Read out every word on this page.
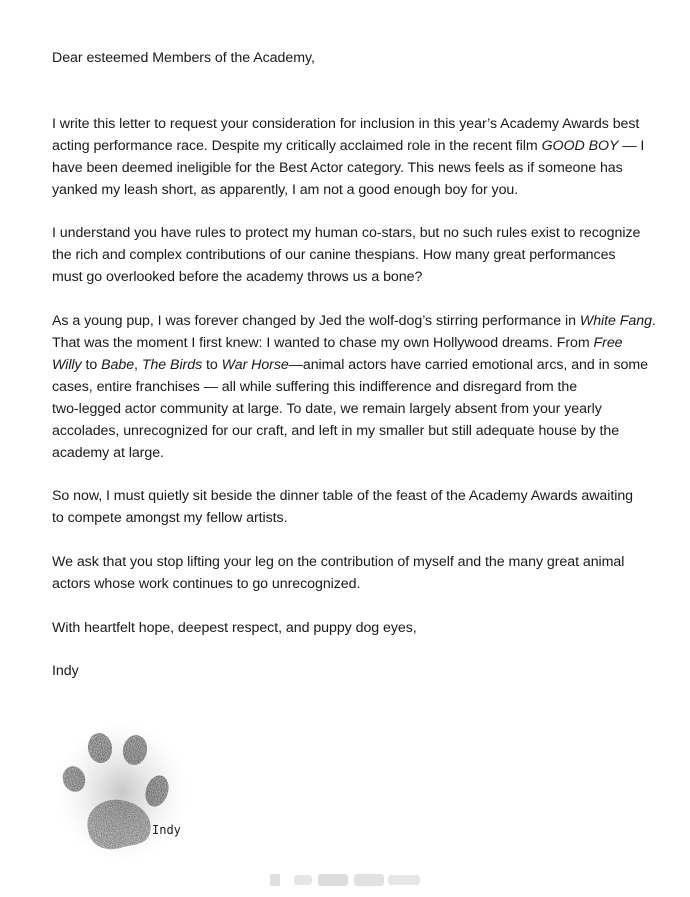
Dear esteemed Members of the Academy,

I write this letter to request your consideration for inclusion in this year’s Academy Awards best
acting performance race. Despite my critically acclaimed role in the recent film GOOD BOY — I
have been deemed ineligible for the Best Actor category. This news feels as if someone has
yanked my leash short, as apparently, I am not a good enough boy for you.

I understand you have rules to protect my human co-stars, but no such rules exist to recognize
the rich and complex contributions of our canine thespians. How many great performances
must go overlooked before the academy throws us a bone?

As a young pup, I was forever changed by Jed the wolf-dog’s stirring performance in White Fang.
That was the moment I first knew: I wanted to chase my own Hollywood dreams. From Free
Willy to Babe, The Birds to War Horse—animal actors have carried emotional arcs, and in some
cases, entire franchises — all while suffering this indifference and disregard from the
two-legged actor community at large. To date, we remain largely absent from your yearly
accolades, unrecognized for our craft, and left in my smaller but still adequate house by the
academy at large.

So now, I must quietly sit beside the dinner table of the feast of the Academy Awards awaiting
to compete amongst my fellow artists.

We ask that you stop lifting your leg on the contribution of myself and the many great animal
actors whose work continues to go unrecognized.

With heartfelt hope, deepest respect, and puppy dog eyes,

Indy

Indy
